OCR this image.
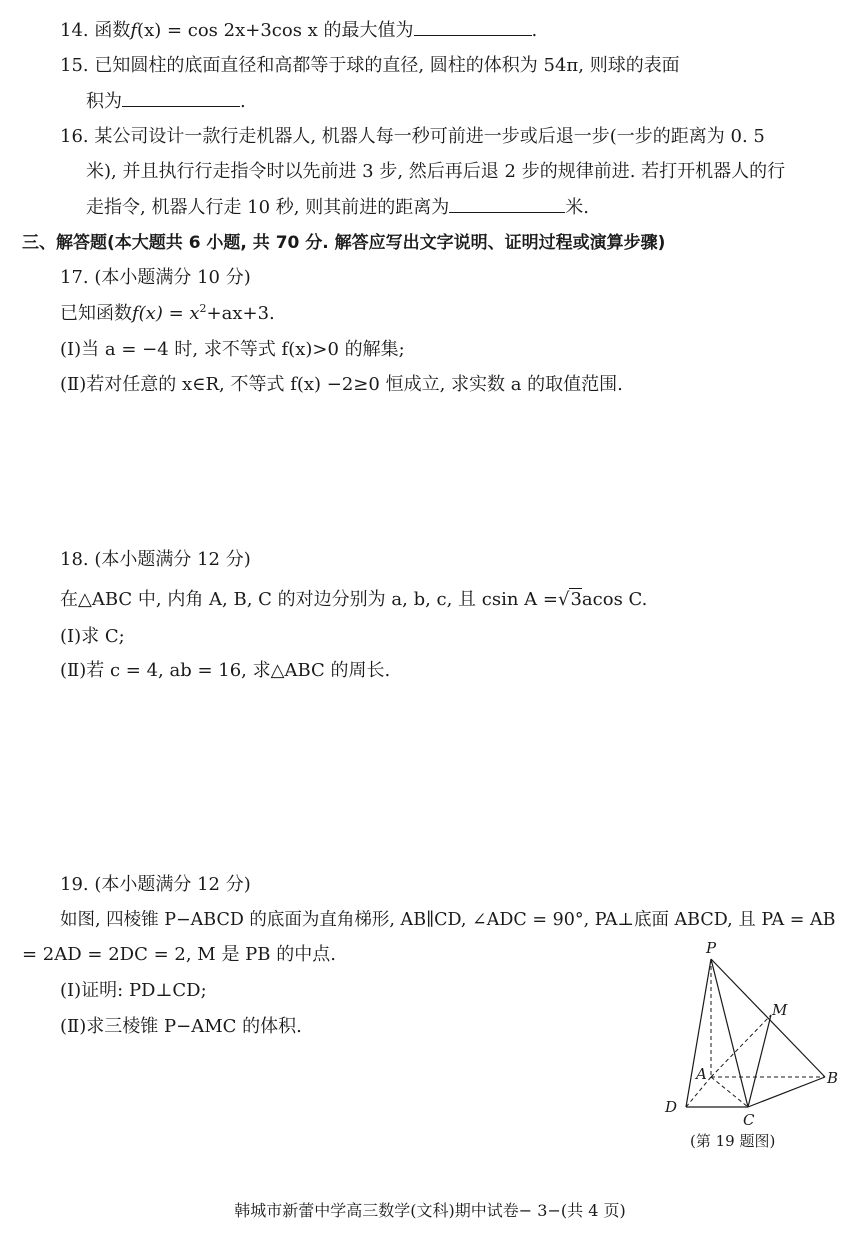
14. 函数f(x) = cos 2x+3cos x 的最大值为	.
15. 已知圆柱的底面直径和高都等于球的直径, 圆柱的体积为 54π, 则球的表面
积为	.
16. 某公司设计一款行走机器人, 机器人每一秒可前进一步或后退一步(一步的距离为 0. 5
米), 并且执行行走指令时以先前进 3 步, 然后再后退 2 步的规律前进. 若打开机器人的行
走指令, 机器人行走 10 秒, 则其前进的距离为	米.
三、解答题(本大题共 6 小题, 共 70 分. 解答应写出文字说明、证明过程或演算步骤)
17. (本小题满分 10 分)
已知函数$f(x) = x^2+ax+3$.
(Ⅰ)当 a = −4 时, 求不等式 f(x)>0 的解集;
(Ⅱ)若对任意的 x∈R, 不等式 f(x) −2≥0 恒成立, 求实数 a 的取值范围.
18. (本小题满分 12 分)
在△ABC 中, 内角 A, B, C 的对边分别为 a, b, c, 且 csin A =√3acos C.
(Ⅰ)求 C;
(Ⅱ)若 c = 4, ab = 16, 求△ABC 的周长.
19. (本小题满分 12 分)
如图, 四棱锥 P−ABCD 的底面为直角梯形, AB∥CD, ∠ADC = 90°, PA⊥底面 ABCD, 且 PA = AB
= 2AD = 2DC = 2, M 是 PB 的中点.
(Ⅰ)证明: PD⊥CD;
(Ⅱ)求三棱锥 P−AMC 的体积.
P
M
A	B
C
D
(第 19 题图)
韩城市新蕾中学高三数学(文科)期中试卷− 3−(共 4 页)
